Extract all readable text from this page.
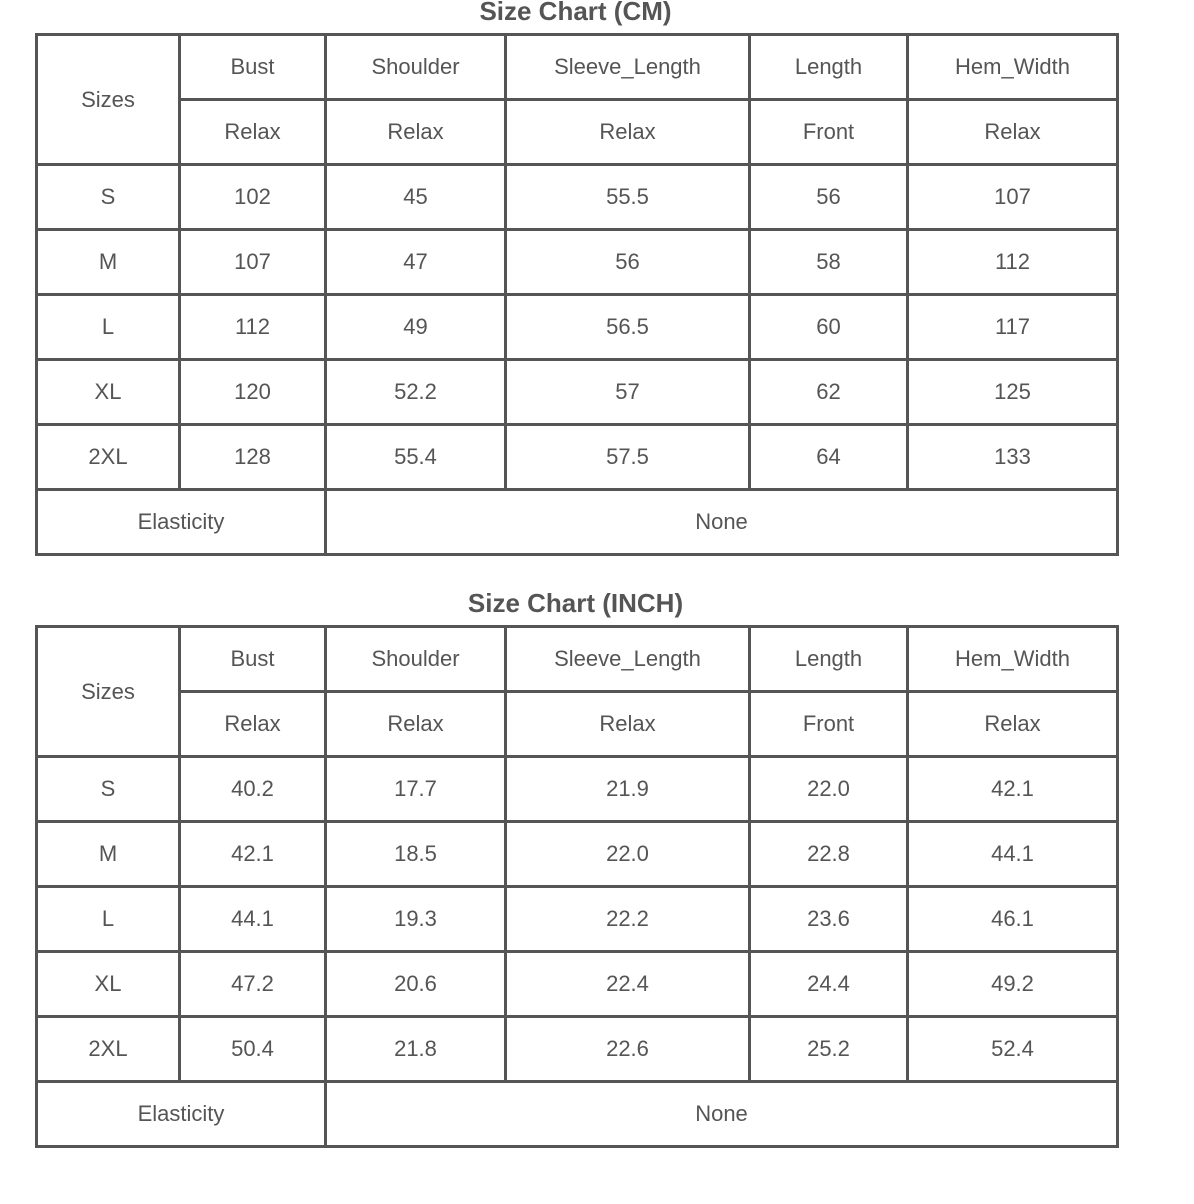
Size Chart (CM)
Sizes	Bust	Shoulder	Sleeve_Length	Length	Hem_Width
	Relax	Relax	Relax	Front	Relax
S	102	45	55.5	56	107
M	107	47	56	58	112
L	112	49	56.5	60	117
XL	120	52.2	57	62	125
2XL	128	55.4	57.5	64	133
Elasticity		None			
Size Chart (INCH)
Sizes	Bust	Shoulder	Sleeve_Length	Length	Hem_Width
	Relax	Relax	Relax	Front	Relax
S	40.2	17.7	21.9	22.0	42.1
M	42.1	18.5	22.0	22.8	44.1
L	44.1	19.3	22.2	23.6	46.1
XL	47.2	20.6	22.4	24.4	49.2
2XL	50.4	21.8	22.6	25.2	52.4
Elasticity		None			
